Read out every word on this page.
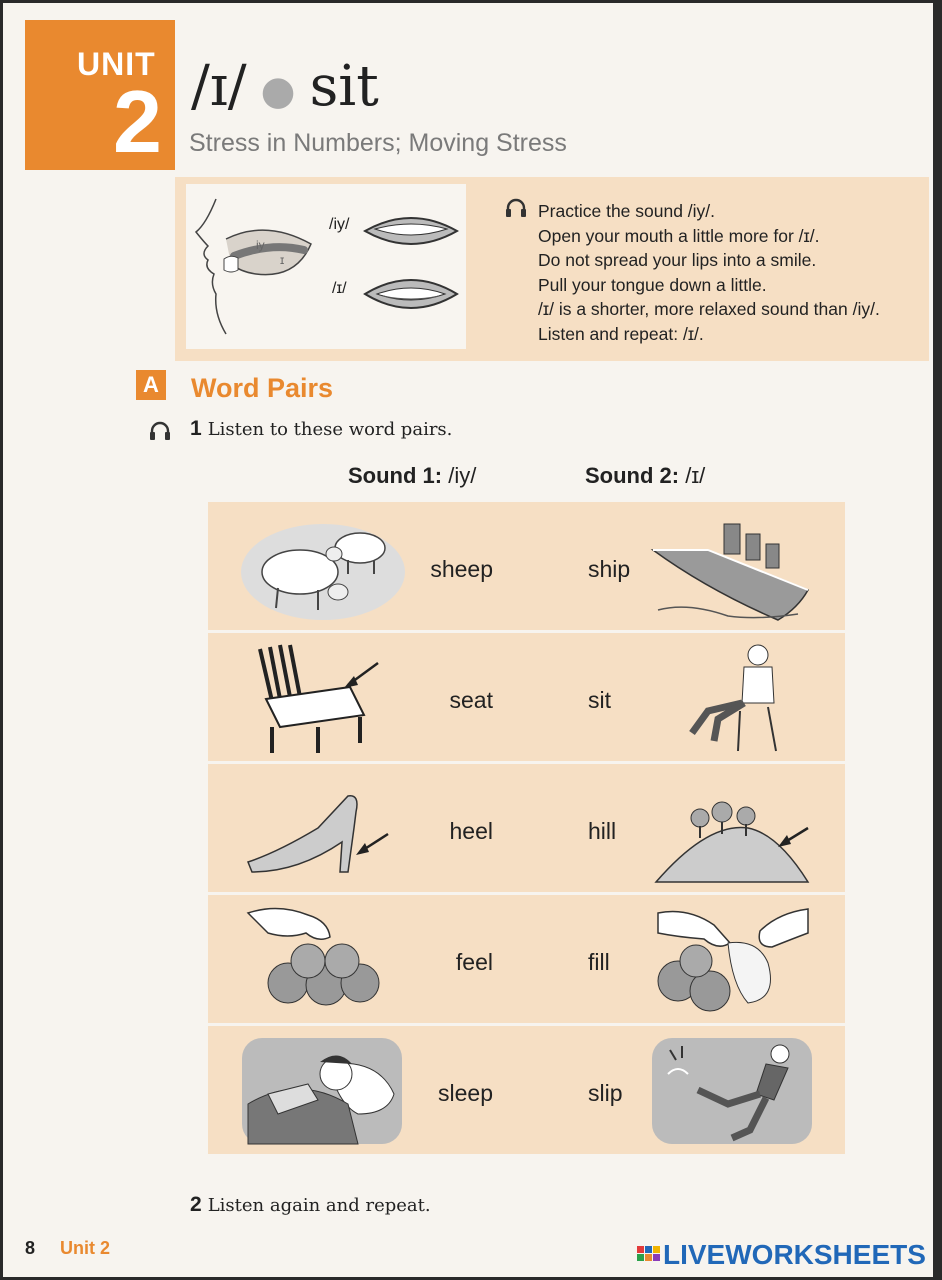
UNIT
2 /ɪ/ ● sit
Stress in Numbers; Moving Stress
iy
ɪ
/iy/
/ɪ/
Practice the sound /iy/.
Open your mouth a little more for /ɪ/.
Do not spread your lips into a smile.
Pull your tongue down a little.
/ɪ/ is a shorter, more relaxed sound than /iy/.
Listen and repeat: /ɪ/.
A Word Pairs
1 Listen to these word pairs.
Sound 1: /iy/	Sound 2: /ɪ/
sheep	ship
seat	sit
heel	hill
feel	fill
sleep	slip
2 Listen again and repeat.
8 Unit 2	LIVEWORKSHEETS
